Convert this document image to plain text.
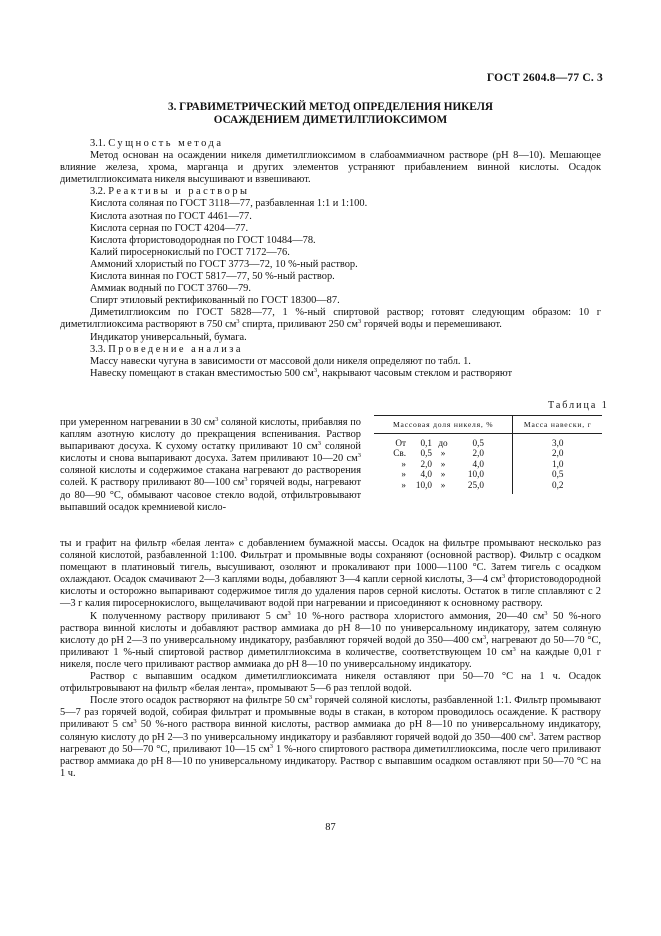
ГОСТ 2604.8—77 С. 3
3. ГРАВИМЕТРИЧЕСКИЙ МЕТОД ОПРЕДЕЛЕНИЯ НИКЕЛЯ
ОСАЖДЕНИЕМ ДИМЕТИЛГЛИОКСИМОМ

3.1. Сущность метода

Метод основан на осаждении никеля диметилглиоксимом в слабоаммиачном растворе (рН 8—10). Мешающее влияние железа, хрома, марганца и других элементов устраняют прибавлением винной кислоты. Осадок диметилглиоксимата никеля высушивают и взвешивают.

3.2. Реактивы и растворы

Кислота соляная по ГОСТ 3118—77, разбавленная 1:1 и 1:100.

Кислота азотная по ГОСТ 4461—77.

Кислота серная по ГОСТ 4204—77.

Кислота фтористоводородная по ГОСТ 10484—78.

Калий пиросернокислый по ГОСТ 7172—76.

Аммоний хлористый по ГОСТ 3773—72, 10 %-ный раствор.

Кислота винная по ГОСТ 5817—77, 50 %-ный раствор.

Аммиак водный по ГОСТ 3760—79.

Спирт этиловый ректификованный по ГОСТ 18300—87.

Диметилглиоксим по ГОСТ 5828—77, 1 %-ный спиртовой раствор; готовят следующим образом: 10 г диметилглиоксима растворяют в 750 $см^3$ спирта, приливают 250 $см^3$ горячей воды и перемешивают.

Индикатор универсальный, бумага.

3.3. Проведение анализа

Массу навески чугуна в зависимости от массовой доли никеля определяют по табл. 1.

Навеску помещают в стакан вместимостью 500 $см^3$, накрывают часовым стеклом и растворяют

при умеренном нагревании в 30 $см^3$ соляной кислоты, прибавляя по каплям азотную кислоту до прекращения вспенивания. Раствор выпаривают досуха. К сухому остатку приливают 10 $см^3$ соляной кислоты и снова выпаривают досуха. Затем приливают 10—20 $см^3$ соляной кислоты и содержимое стакана нагревают до растворения солей. К раствору приливают 80—100 $см^3$ горячей воды, нагревают до 80—90 °С, обмывают часовое стекло водой, отфильтровывают выпавший осадок кремниевой кисло-
Таблица 1
Массовая доля никеля, %	Масса навески, г
От 0,1 до 0,5	3,0
Св. 0,5 » 2,0	2,0
» 2,0 » 4,0	1,0
» 4,0 » 10,0	0,5
» 10,0 » 25,0	0,2

ты и графит на фильтр «белая лента» с добавлением бумажной массы. Осадок на фильтре промывают несколько раз соляной кислотой, разбавленной 1:100. Фильтрат и промывные воды сохраняют (основной раствор). Фильтр с осадком помещают в платиновый тигель, высушивают, озоляют и прокаливают при 1000—1100 °С. Затем тигель с осадком охлаждают. Осадок смачивают 2—3 каплями воды, добавляют 3—4 капли серной кислоты, 3—4 $см^3$ фтористоводородной кислоты и осторожно выпаривают содержимое тигля до удаления паров серной кислоты. Остаток в тигле сплавляют с 2—3 г калия пиросернокислого, выщелачивают водой при нагревании и присоединяют к основному раствору.

К полученному раствору приливают 5 $см^3$ 10 %-ного раствора хлористого аммония, 20—40 $см^3$ 50 %-ного раствора винной кислоты и добавляют раствор аммиака до рН 8—10 по универсальному индикатору, затем соляную кислоту до рН 2—3 по универсальному индикатору, разбавляют горячей водой до 350—400 $см^3$, нагревают до 50—70 °С, приливают 1 %-ный спиртовой раствор диметилглиоксима в количестве, соответствующем 10 $см^3$ на каждые 0,01 г никеля, после чего приливают раствор аммиака до рН 8—10 по универсальному индикатору.

Раствор с выпавшим осадком диметилглиоксимата никеля оставляют при 50—70 °С на 1 ч. Осадок отфильтровывают на фильтр «белая лента», промывают 5—6 раз теплой водой.

После этого осадок растворяют на фильтре 50 $см^3$ горячей соляной кислоты, разбавленной 1:1. Фильтр промывают 5—7 раз горячей водой, собирая фильтрат и промывные воды в стакан, в котором проводилось осаждение. К раствору приливают 5 $см^3$ 50 %-ного раствора винной кислоты, раствор аммиака до рН 8—10 по универсальному индикатору, соляную кислоту до рН 2—3 по универсальному индикатору и разбавляют горячей водой до 350—400 $см^3$. Затем раствор нагревают до 50—70 °С, приливают 10—15 $см^3$ 1 %-ного спиртового раствора диметилглиоксима, после чего приливают раствор аммиака до рН 8—10 по универсальному индикатору. Раствор с выпавшим осадком оставляют при 50—70 °С на 1 ч.

87
